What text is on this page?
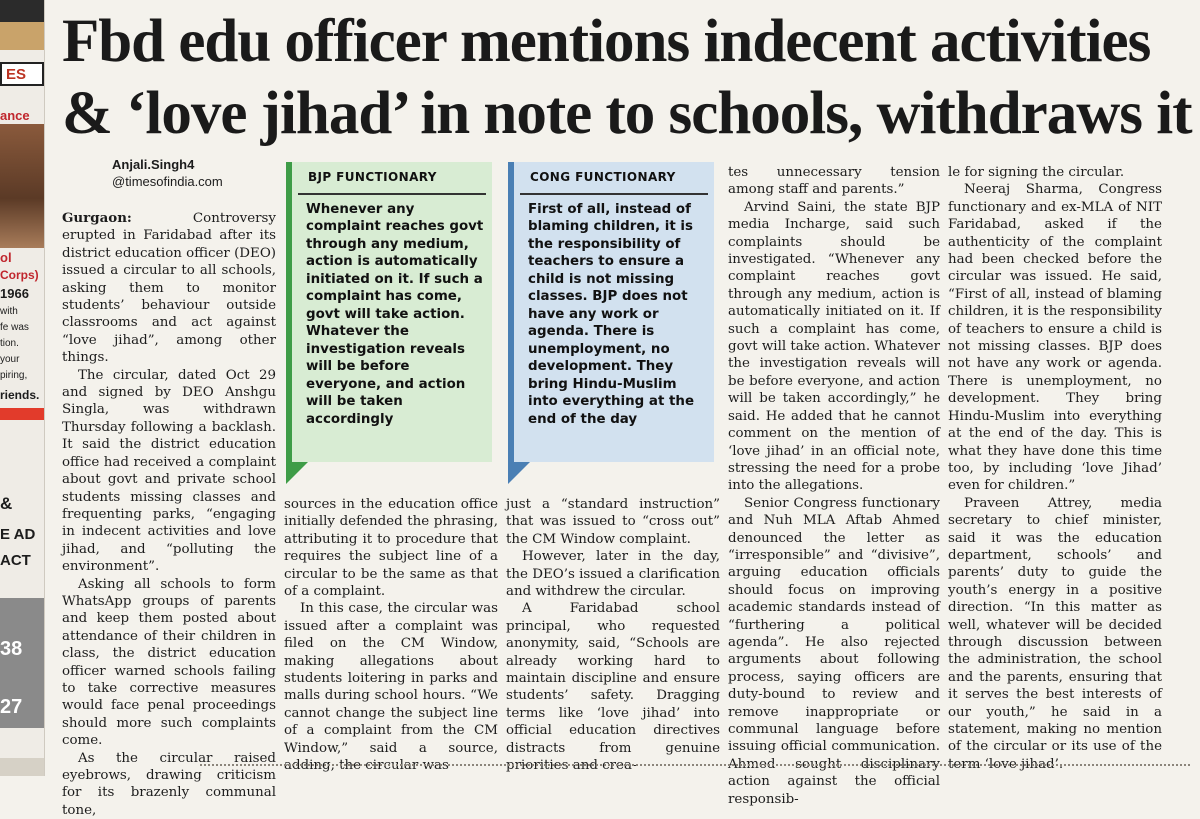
ES
ance
ol
Corps)
1966
with
fe was
tion.
your
piring,
riends.
&
E AD
ACT
38
27
Fbd edu officer mentions indecent activities
& ‘love jihad’ in note to schools, withdraws it
Anjali.Singh4
@timesofindia.com

Gurgaon: Controversy erupted in Faridabad after its district education officer (DEO) issued a circular to all schools, asking them to monitor students’ behaviour outside classrooms and act against “love jihad”, among other things.

The circular, dated Oct 29 and signed by DEO Anshgu Singla, was withdrawn Thursday following a backlash. It said the district education office had received a complaint about govt and private school students missing classes and frequenting parks, “engaging in indecent activities and love jihad, and “polluting the environment”.

Asking all schools to form WhatsApp groups of parents and keep them posted about attendance of their children in class, the district education officer warned schools failing to take corrective measures would face penal proceedings should more such complaints come.

As the circular raised eyebrows, drawing criticism for its brazenly communal tone,

BJP FUNCTIONARY
Whenever any complaint reaches govt through any medium, action is automatically initiated on it. If such a complaint has come, govt will take action. Whatever the investigation reveals will be before everyone, and action will be taken accordingly
CONG FUNCTIONARY
First of all, instead of blaming children, it is the responsibility of teachers to ensure a child is not missing classes. BJP does not have any work or agenda. There is unemployment, no development. They bring Hindu-Muslim into everything at the end of the day

sources in the education office initially defended the phrasing, attributing it to procedure that requires the subject line of a circular to be the same as that of a complaint.

In this case, the circular was issued after a complaint was filed on the CM Window, making allegations about students loitering in parks and malls during school hours. “We cannot change the subject line of a complaint from the CM Window,” said a source, adding, the circular was

just a “standard instruction” that was issued to “cross out” the CM Window complaint.

However, later in the day, the DEO’s issued a clarification and withdrew the circular.

A Faridabad school principal, who requested anonymity, said, “Schools are already working hard to maintain discipline and ensure students’ safety. Dragging terms like ‘love jihad’ into official education directives distracts from genuine priorities and crea-

tes unnecessary tension among staff and parents.”

Arvind Saini, the state BJP media Incharge, said such complaints should be investigated. “Whenever any complaint reaches govt through any medium, action is automatically initiated on it. If such a complaint has come, govt will take action. Whatever the investigation reveals will be before everyone, and action will be taken accordingly,” he said. He added that he cannot comment on the mention of ‘love jihad’ in an official note, stressing the need for a probe into the allegations.

Senior Congress functionary and Nuh MLA Aftab Ahmed denounced the letter as “irresponsible” and “divisive”, arguing education officials should focus on improving academic standards instead of “furthering a political agenda”. He also rejected arguments about following process, saying officers are duty-bound to review and remove inappropriate or communal language before issuing official communication. Ahmed sought disciplinary action against the official responsib-

le for signing the circular.

Neeraj Sharma, Congress functionary and ex-MLA of NIT Faridabad, asked if the authenticity of the complaint had been checked before the circular was issued. He said, “First of all, instead of blaming children, it is the responsibility of teachers to ensure a child is not missing classes. BJP does not have any work or agenda. There is unemployment, no development. They bring Hindu-Muslim into everything at the end of the day. This is what they have done this time too, by including ‘love Jihad’ even for children.”

Praveen Attrey, media secretary to chief minister, said it was the education department, schools’ and parents’ duty to guide the youth’s energy in a positive direction. “In this matter as well, whatever will be decided through discussion between the administration, the school and the parents, ensuring that it serves the best interests of our youth,” he said in a statement, making no mention of the circular or its use of the term ‘love jihad’.
